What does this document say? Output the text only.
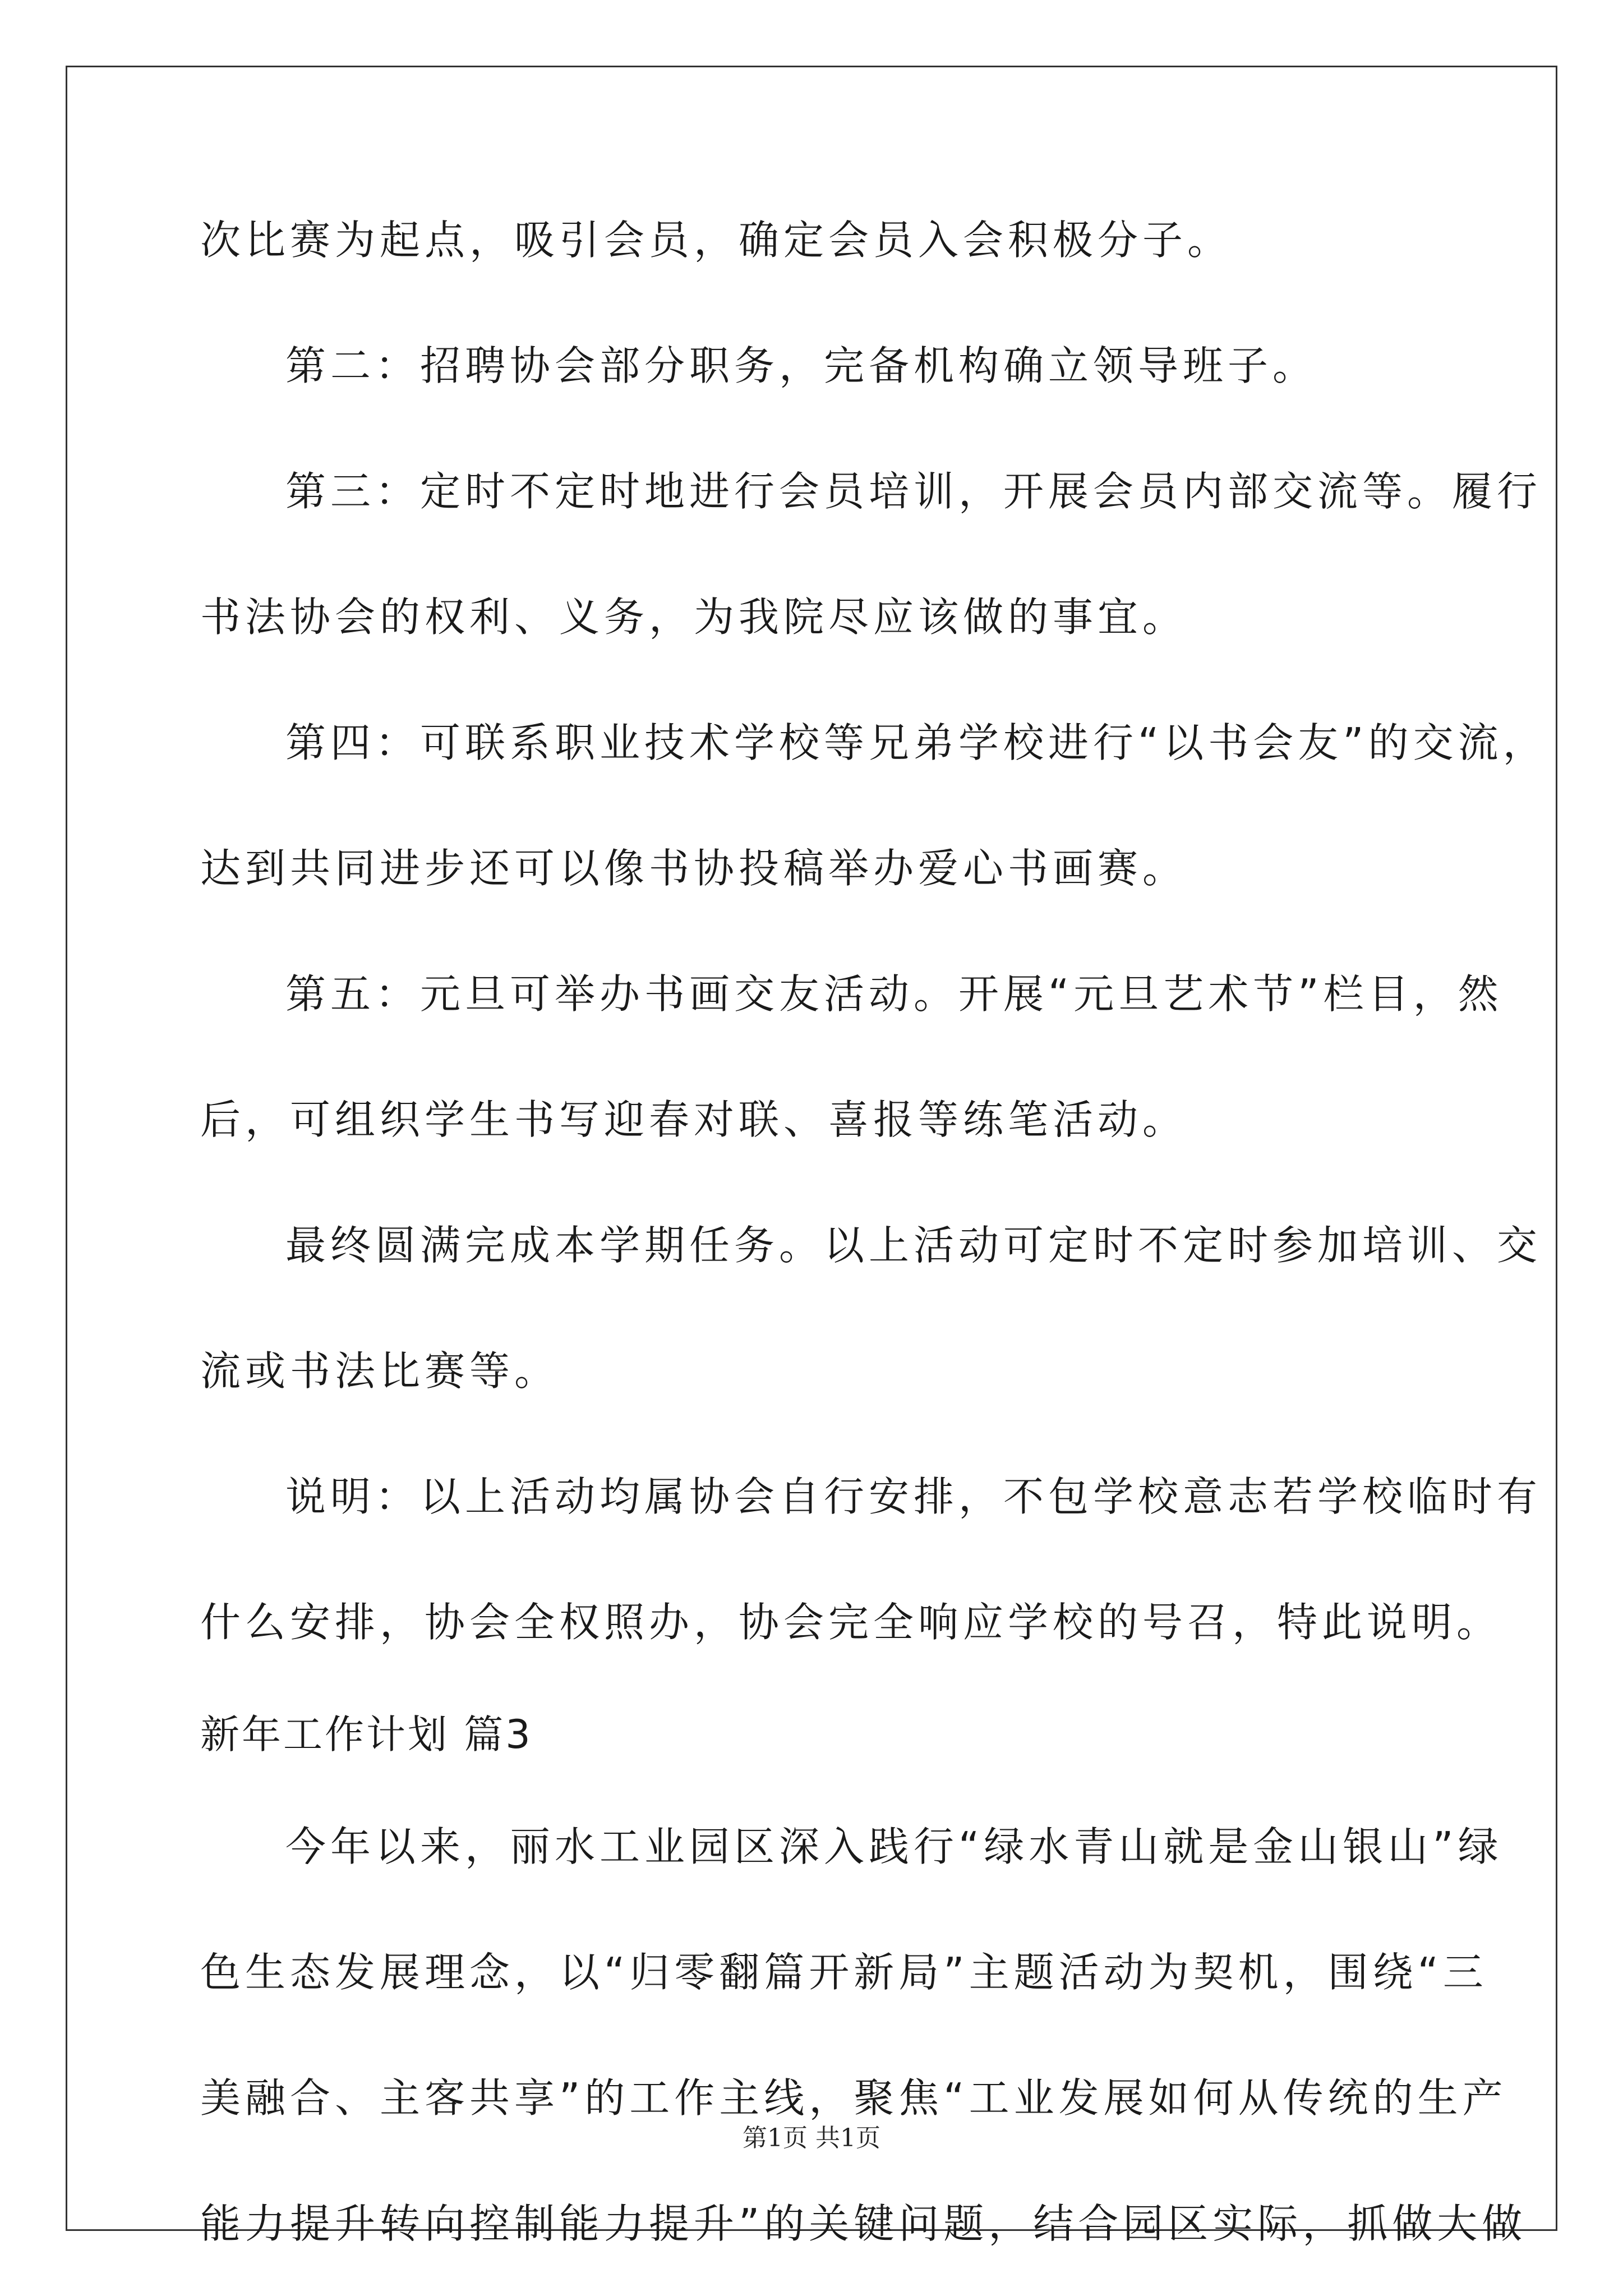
次比赛为起点，吸引会员，确定会员入会积极分子。
第二：招聘协会部分职务，完备机构确立领导班子。
第三：定时不定时地进行会员培训，开展会员内部交流等。履行
书法协会的权利、义务，为我院尽应该做的事宜。
第四：可联系职业技术学校等兄弟学校进行“以书会友”的交流，
达到共同进步还可以像书协投稿举办爱心书画赛。
第五：元旦可举办书画交友活动。开展“元旦艺术节”栏目，然
后，可组织学生书写迎春对联、喜报等练笔活动。
最终圆满完成本学期任务。以上活动可定时不定时参加培训、交
流或书法比赛等。
说明：以上活动均属协会自行安排，不包学校意志若学校临时有
什么安排，协会全权照办，协会完全响应学校的号召，特此说明。
新年工作计划 篇3
今年以来，丽水工业园区深入践行“绿水青山就是金山银山”绿
色生态发展理念，以“归零翻篇开新局”主题活动为契机，围绕“三
美融合、主客共享”的工作主线，聚焦“工业发展如何从传统的生产
能力提升转向控制能力提升”的关键问题，结合园区实际，抓做大做
第1页 共1页
